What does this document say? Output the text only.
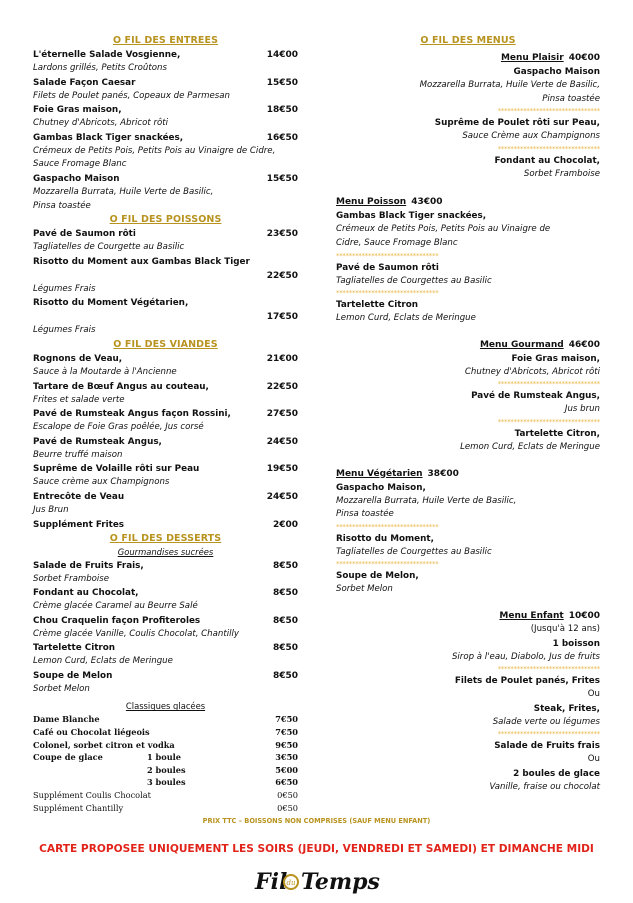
O FIL DES ENTREES
L'éternelle Salade Vosgienne,	14€00
Lardons grillés, Petits Croûtons
Salade Façon Caesar	15€50
Filets de Poulet panés, Copeaux de Parmesan
Foie Gras maison,	18€50
Chutney d'Abricots, Abricot rôti
Gambas Black Tiger snackées,	16€50
Crémeux de Petits Pois, Petits Pois au Vinaigre de Cidre, Sauce Fromage Blanc
Gaspacho Maison	15€50
Mozzarella Burrata, Huile Verte de Basilic,
Pinsa toastée
O FIL DES POISSONS
Pavé de Saumon rôti	23€50
Tagliatelles de Courgette au Basilic
Risotto du Moment aux Gambas Black Tiger
22€50
Légumes Frais
Risotto du Moment Végétarien,
17€50
Légumes Frais
O FIL DES VIANDES
Rognons de Veau,	21€00
Sauce à la Moutarde à l'Ancienne
Tartare de Bœuf Angus au couteau,	22€50
Frites et salade verte
Pavé de Rumsteak Angus façon Rossini,	27€50
Escalope de Foie Gras poêlée, Jus corsé
Pavé de Rumsteak Angus,	24€50
Beurre truffé maison
Suprême de Volaille rôti sur Peau	19€50
Sauce crème aux Champignons
Entrecôte de Veau	24€50
Jus Brun
Supplément Frites	2€00
O FIL DES DESSERTS
Gourmandises sucrées
Salade de Fruits Frais,	8€50
Sorbet Framboise
Fondant au Chocolat,	8€50
Crème glacée Caramel au Beurre Salé
Chou Craquelin façon Profiteroles	8€50
Crème glacée Vanille, Coulis Chocolat, Chantilly
Tartelette Citron	8€50
Lemon Curd, Eclats de Meringue
Soupe de Melon	8€50
Sorbet Melon
Classiques glacées
Dame Blanche	7€50
Café ou Chocolat liégeois	7€50
Colonel, sorbet citron et vodka	9€50
Coupe de glace	1 boule	3€50
2 boules	5€00
3 boules	6€50
Supplément Coulis Chocolat	0€50
Supplément Chantilly	0€50
O FIL DES MENUS
Menu Plaisir 40€00
Gaspacho Maison
Mozzarella Burrata, Huile Verte de Basilic,
Pinsa toastée
********************************
Suprême de Poulet rôti sur Peau,
Sauce Crème aux Champignons
********************************
Fondant au Chocolat,
Sorbet Framboise
Menu Poisson 43€00
Gambas Black Tiger snackées,
Crémeux de Petits Pois, Petits Pois au Vinaigre de
Cidre, Sauce Fromage Blanc
********************************
Pavé de Saumon rôti
Tagliatelles de Courgettes au Basilic
********************************
Tartelette Citron
Lemon Curd, Eclats de Meringue
Menu Gourmand 46€00
Foie Gras maison,
Chutney d'Abricots, Abricot rôti
********************************
Pavé de Rumsteak Angus,
Jus brun
********************************
Tartelette Citron,
Lemon Curd, Eclats de Meringue
Menu Végétarien 38€00
Gaspacho Maison,
Mozzarella Burrata, Huile Verte de Basilic,
Pinsa toastée
********************************
Risotto du Moment,
Tagliatelles de Courgettes au Basilic
********************************
Soupe de Melon,
Sorbet Melon
Menu Enfant 10€00
(Jusqu'à 12 ans)
1 boisson
Sirop à l'eau, Diabolo, Jus de fruits
********************************
Filets de Poulet panés, Frites
Ou
Steak, Frites,
Salade verte ou légumes
********************************
Salade de Fruits frais
Ou
2 boules de glace
Vanille, fraise ou chocolat
PRIX TTC – BOISSONS NON COMPRISES (SAUF MENU ENFANT)
CARTE PROPOSEE UNIQUEMENT LES SOIRS (JEUDI, VENDREDI ET SAMEDI) ET DIMANCHE MIDI
Fil du Temps
